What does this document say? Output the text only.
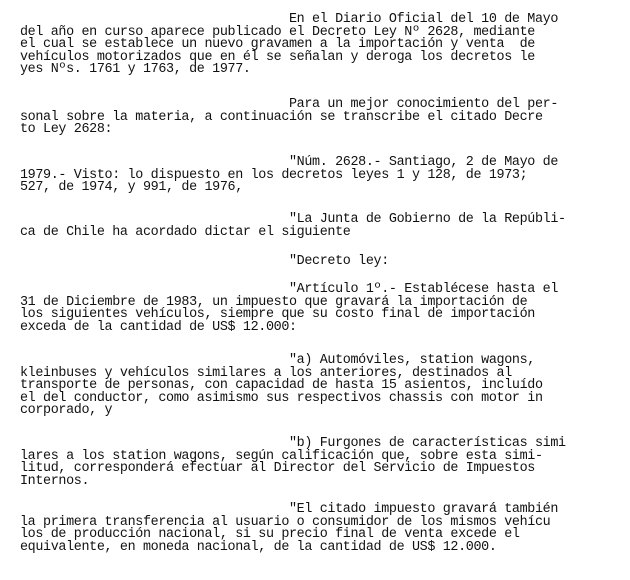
En el Diario Oficial del 10 de Mayo
del año en curso aparece publicado el Decreto Ley Nº 2628, mediante
el cual se establece un nuevo gravamen a la importación y venta  de
vehículos motorizados que en él se señalan y deroga los decretos le
yes Nºs. 1761 y 1763, de 1977.
Para un mejor conocimiento del per-
sonal sobre la materia, a continuación se transcribe el citado Decre
to Ley 2628:
"Núm. 2628.- Santiago, 2 de Mayo de
1979.- Visto: lo dispuesto en los decretos leyes 1 y 128, de 1973;
527, de 1974, y 991, de 1976,
"La Junta de Gobierno de la Repúbli-
ca de Chile ha acordado dictar el siguiente
"Decreto ley:
"Artículo 1º.- Establécese hasta el
31 de Diciembre de 1983, un impuesto que gravará la importación de
los siguientes vehículos, siempre que su costo final de importación
exceda de la cantidad de US$ 12.000:
"a) Automóviles, station wagons,
kleinbuses y vehículos similares a los anteriores, destinados al
transporte de personas, con capacidad de hasta 15 asientos, incluído
el del conductor, como asimismo sus respectivos chassis con motor in
corporado, y
"b) Furgones de características simi
lares a los station wagons, según calificación que, sobre esta simi-
litud, corresponderá efectuar al Director del Servicio de Impuestos
Internos.
"El citado impuesto gravará también
la primera transferencia al usuario o consumidor de los mismos vehícu
los de producción nacional, si su precio final de venta excede el
equivalente, en moneda nacional, de la cantidad de US$ 12.000.
